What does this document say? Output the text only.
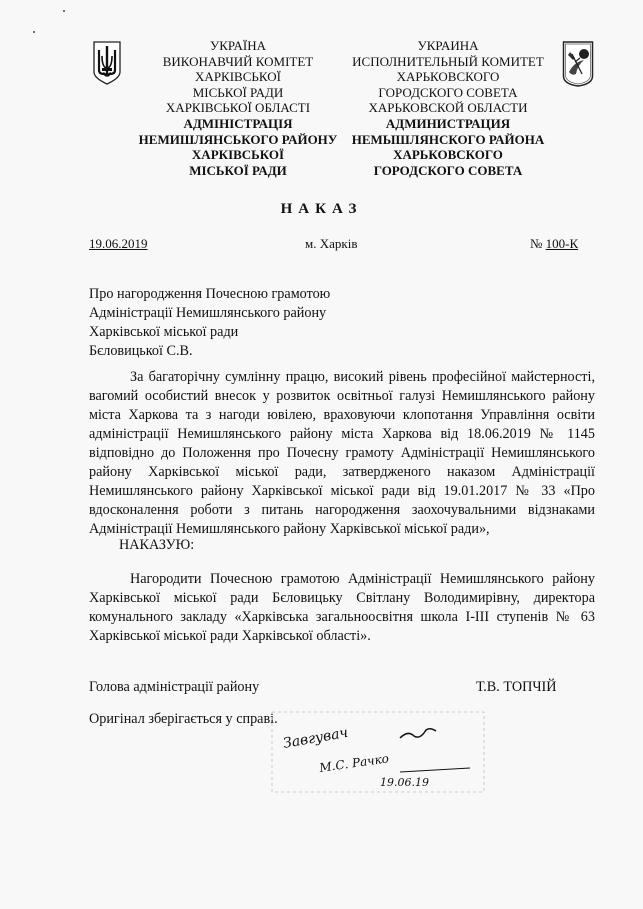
УКРАЇНА
ВИКОНАВЧИЙ КОМІТЕТ
ХАРКІВСЬКОЇ
МІСЬКОЇ РАДИ
ХАРКІВСЬКОЇ ОБЛАСТІ
АДМІНІСТРАЦІЯ
НЕМИШЛЯНСЬКОГО РАЙОНУ
ХАРКІВСЬКОЇ
МІСЬКОЇ РАДИ
УКРАИНА
ИСПОЛНИТЕЛЬНЫЙ КОМИТЕТ
ХАРЬКОВСКОГО
ГОРОДСКОГО СОВЕТА
ХАРЬКОВСКОЙ ОБЛАСТИ
АДМИНИСТРАЦИЯ
НЕМЫШЛЯНСКОГО РАЙОНА
ХАРЬКОВСКОГО
ГОРОДСКОГО СОВЕТА
НАКАЗ
19.06.2019	м. Харків	№ 100-К
Про нагородження Почесною грамотою
Адміністрації Немишлянського району
Харківської міської ради
Бєловицької С.В.
За багаторічну сумлінну працю, високий рівень професійної майстерності, вагомий особистий внесок у розвиток освітньої галузі Немишлянського району міста Харкова та з нагоди ювілею, враховуючи клопотання Управління освіти адміністрації Немишлянського району міста Харкова від 18.06.2019 № 1145 відповідно до Положення про Почесну грамоту Адміністрації Немишлянського району Харківської міської ради, затвердженого наказом Адміністрації Немишлянського району Харківської міської ради від 19.01.2017 № 33 «Про вдосконалення роботи з питань нагородження заохочувальними відзнаками Адміністрації Немишлянського району Харківської міської ради»,
НАКАЗУЮ:
Нагородити Почесною грамотою Адміністрації Немишлянського району Харківської міської ради Бєловицьку Світлану Володимирівну, директора комунального закладу «Харківська загальноосвітня школа І-ІІІ ступенів № 63 Харківської міської ради Харківської області».
Голова адміністрації району	Т.В. ТОПЧІЙ
Оригінал зберігається у справі.
Завгувач
М.С. Рачко
19.06.19
